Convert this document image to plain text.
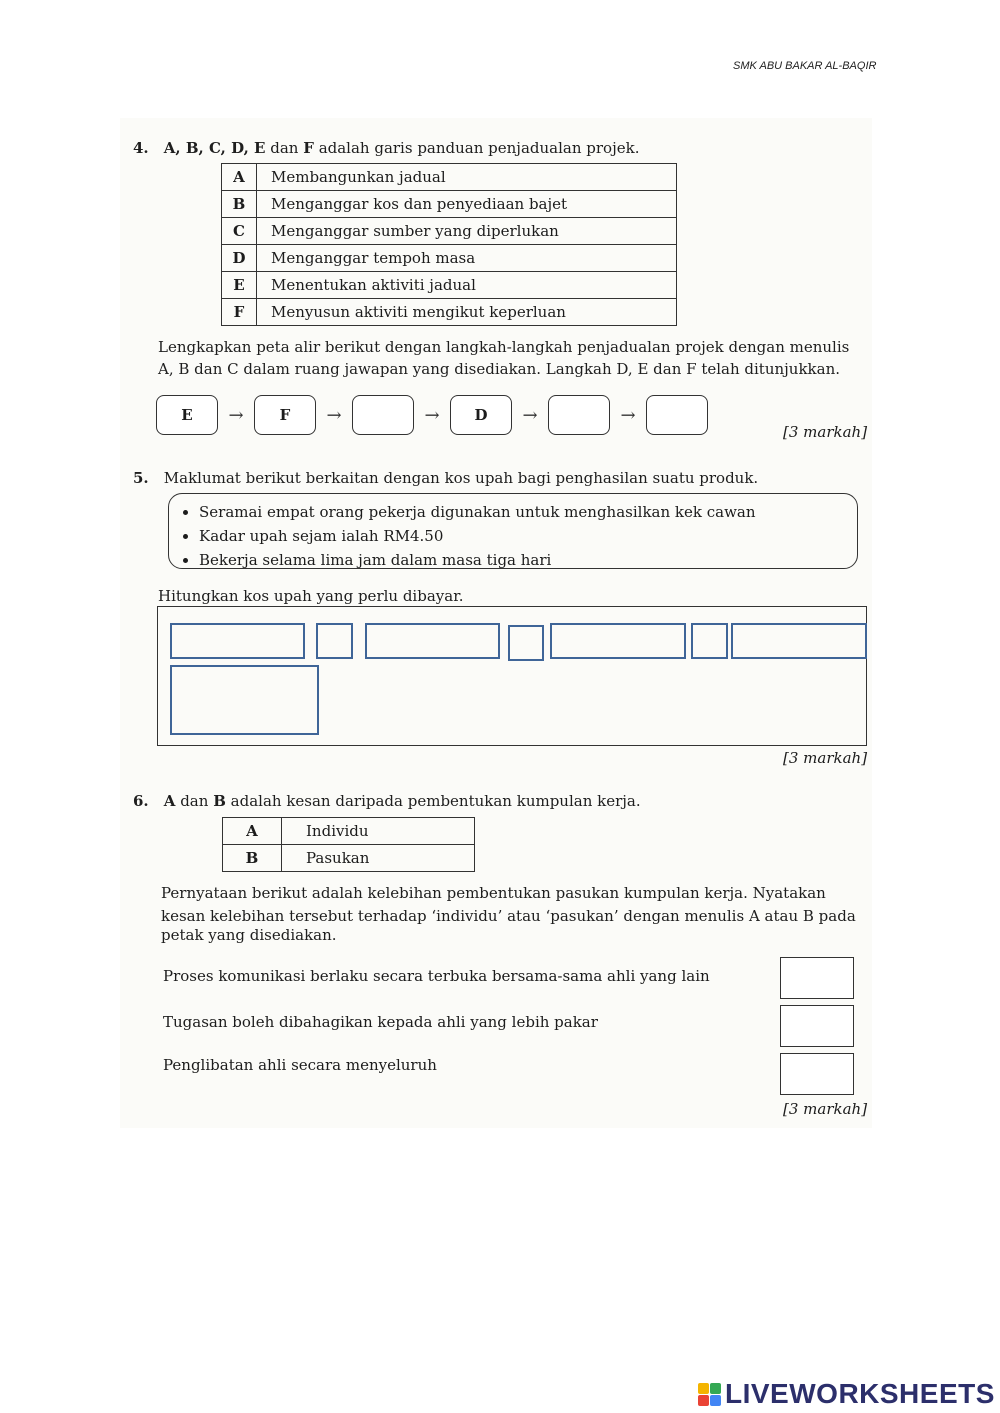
SMK ABU BAKAR AL-BAQIR
4. A, B, C, D, E dan F adalah garis panduan penjadualan projek.
A	Membangunkan jadual
B	Menganggar kos dan penyediaan bajet
C	Menganggar sumber yang diperlukan
D	Menganggar tempoh masa
E	Menentukan aktiviti jadual
F	Menyusun aktiviti mengikut keperluan
Lengkapkan peta alir berikut dengan langkah-langkah penjadualan projek dengan menulis
A, B dan C dalam ruang jawapan yang disediakan. Langkah D, E dan F telah ditunjukkan.
E	→	F	→	→	D	→	→
[3 markah]
5. Maklumat berikut berkaitan dengan kos upah bagi penghasilan suatu produk.
• Seramai empat orang pekerja digunakan untuk menghasilkan kek cawan
• Kadar upah sejam ialah RM4.50
• Bekerja selama lima jam dalam masa tiga hari
Hitungkan kos upah yang perlu dibayar.
[3 markah]
6. A dan B adalah kesan daripada pembentukan kumpulan kerja.
A	Individu
B	Pasukan
Pernyataan berikut adalah kelebihan pembentukan pasukan kumpulan kerja. Nyatakan
kesan kelebihan tersebut terhadap ‘individu’ atau ‘pasukan’ dengan menulis A atau B pada
petak yang disediakan.
Proses komunikasi berlaku secara terbuka bersama-sama ahli yang lain
Tugasan boleh dibahagikan kepada ahli yang lebih pakar
Penglibatan ahli secara menyeluruh
[3 markah]
LIVEWORKSHEETS
